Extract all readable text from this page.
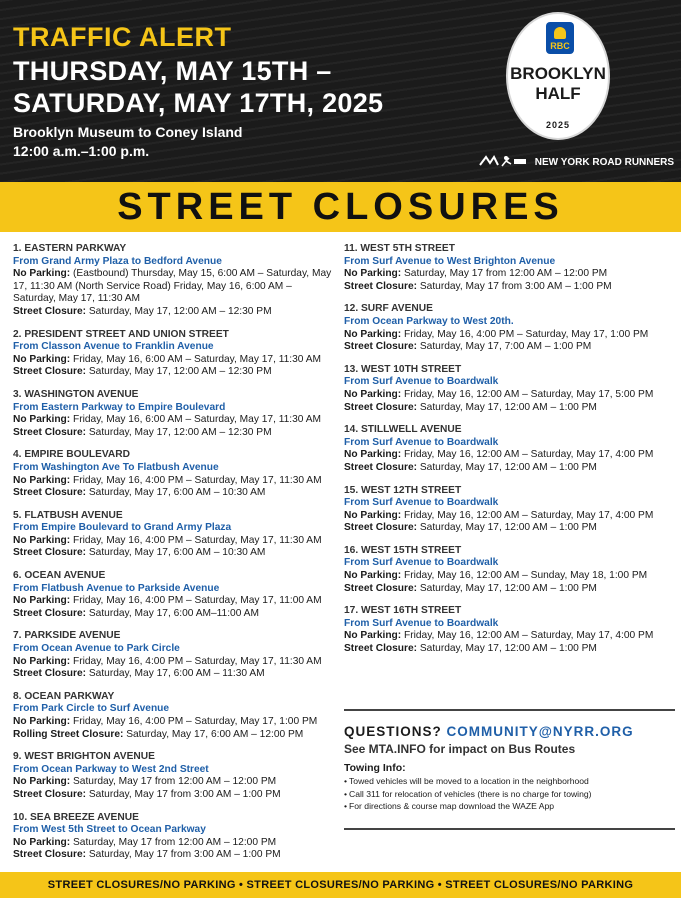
TRAFFIC ALERT
THURSDAY, MAY 15TH –
SATURDAY, MAY 17TH, 2025
Brooklyn Museum to Coney Island
12:00 a.m.–1:00 p.m.
RBC
BROOKLYN
HALF
2025
NEW YORK ROAD RUNNERS
STREET CLOSURES
1. EASTERN PARKWAY
From Grand Army Plaza to Bedford Avenue
No Parking: (Eastbound) Thursday, May 15, 6:00 AM – Saturday, May 17, 11:30 AM (North Service Road) Friday, May 16, 6:00 AM – Saturday, May 17, 11:30 AM
Street Closure: Saturday, May 17, 12:00 AM – 12:30 PM
2. PRESIDENT STREET AND UNION STREET
From Classon Avenue to Franklin Avenue
No Parking: Friday, May 16, 6:00 AM – Saturday, May 17, 11:30 AM
Street Closure: Saturday, May 17, 12:00 AM – 12:30 PM
3. WASHINGTON AVENUE
From Eastern Parkway to Empire Boulevard
No Parking: Friday, May 16, 6:00 AM – Saturday, May 17, 11:30 AM
Street Closure: Saturday, May 17, 12:00 AM – 12:30 PM
4. EMPIRE BOULEVARD
From Washington Ave To Flatbush Avenue
No Parking: Friday, May 16, 4:00 PM – Saturday, May 17, 11:30 AM
Street Closure: Saturday, May 17, 6:00 AM – 10:30 AM
5. FLATBUSH AVENUE
From Empire Boulevard to Grand Army Plaza
No Parking: Friday, May 16, 4:00 PM – Saturday, May 17, 11:30 AM
Street Closure: Saturday, May 17, 6:00 AM – 10:30 AM
6. OCEAN AVENUE
From Flatbush Avenue to Parkside Avenue
No Parking: Friday, May 16, 4:00 PM – Saturday, May 17, 11:00 AM
Street Closure: Saturday, May 17, 6:00 AM–11:00 AM
7. PARKSIDE AVENUE
From Ocean Avenue to Park Circle
No Parking: Friday, May 16, 4:00 PM – Saturday, May 17, 11:30 AM
Street Closure: Saturday, May 17, 6:00 AM – 11:30 AM
8. OCEAN PARKWAY
From Park Circle to Surf Avenue
No Parking: Friday, May 16, 4:00 PM – Saturday, May 17, 1:00 PM
Rolling Street Closure: Saturday, May 17, 6:00 AM – 12:00 PM
9. WEST BRIGHTON AVENUE
From Ocean Parkway to West 2nd Street
No Parking: Saturday, May 17 from 12:00 AM – 12:00 PM
Street Closure: Saturday, May 17 from 3:00 AM – 1:00 PM
10. SEA BREEZE AVENUE
From West 5th Street to Ocean Parkway
No Parking: Saturday, May 17 from 12:00 AM – 12:00 PM
Street Closure: Saturday, May 17 from 3:00 AM – 1:00 PM
11. WEST 5TH STREET
From Surf Avenue to West Brighton Avenue
No Parking: Saturday, May 17 from 12:00 AM – 12:00 PM
Street Closure: Saturday, May 17 from 3:00 AM – 1:00 PM
12. SURF AVENUE
From Ocean Parkway to West 20th.
No Parking: Friday, May 16, 4:00 PM – Saturday, May 17, 1:00 PM
Street Closure: Saturday, May 17, 7:00 AM – 1:00 PM
13. WEST 10TH STREET
From Surf Avenue to Boardwalk
No Parking: Friday, May 16, 12:00 AM – Saturday, May 17, 5:00 PM
Street Closure: Saturday, May 17, 12:00 AM – 1:00 PM
14. STILLWELL AVENUE
From Surf Avenue to Boardwalk
No Parking: Friday, May 16, 12:00 AM – Saturday, May 17, 4:00 PM
Street Closure: Saturday, May 17, 12:00 AM – 1:00 PM
15. WEST 12TH STREET
From Surf Avenue to Boardwalk
No Parking: Friday, May 16, 12:00 AM – Saturday, May 17, 4:00 PM
Street Closure: Saturday, May 17, 12:00 AM – 1:00 PM
16. WEST 15TH STREET
From Surf Avenue to Boardwalk
No Parking: Friday, May 16, 12:00 AM – Sunday, May 18, 1:00 PM
Street Closure: Saturday, May 17, 12:00 AM – 1:00 PM
17. WEST 16TH STREET
From Surf Avenue to Boardwalk
No Parking: Friday, May 16, 12:00 AM – Saturday, May 17, 4:00 PM
Street Closure: Saturday, May 17, 12:00 AM – 1:00 PM
QUESTIONS? COMMUNITY@NYRR.ORG
See MTA.INFO for impact on Bus Routes
Towing Info:
• Towed vehicles will be moved to a location in the neighborhood
• Call 311 for relocation of vehicles (there is no charge for towing)
• For directions & course map download the WAZE App
STREET CLOSURES/NO PARKING • STREET CLOSURES/NO PARKING • STREET CLOSURES/NO PARKING
